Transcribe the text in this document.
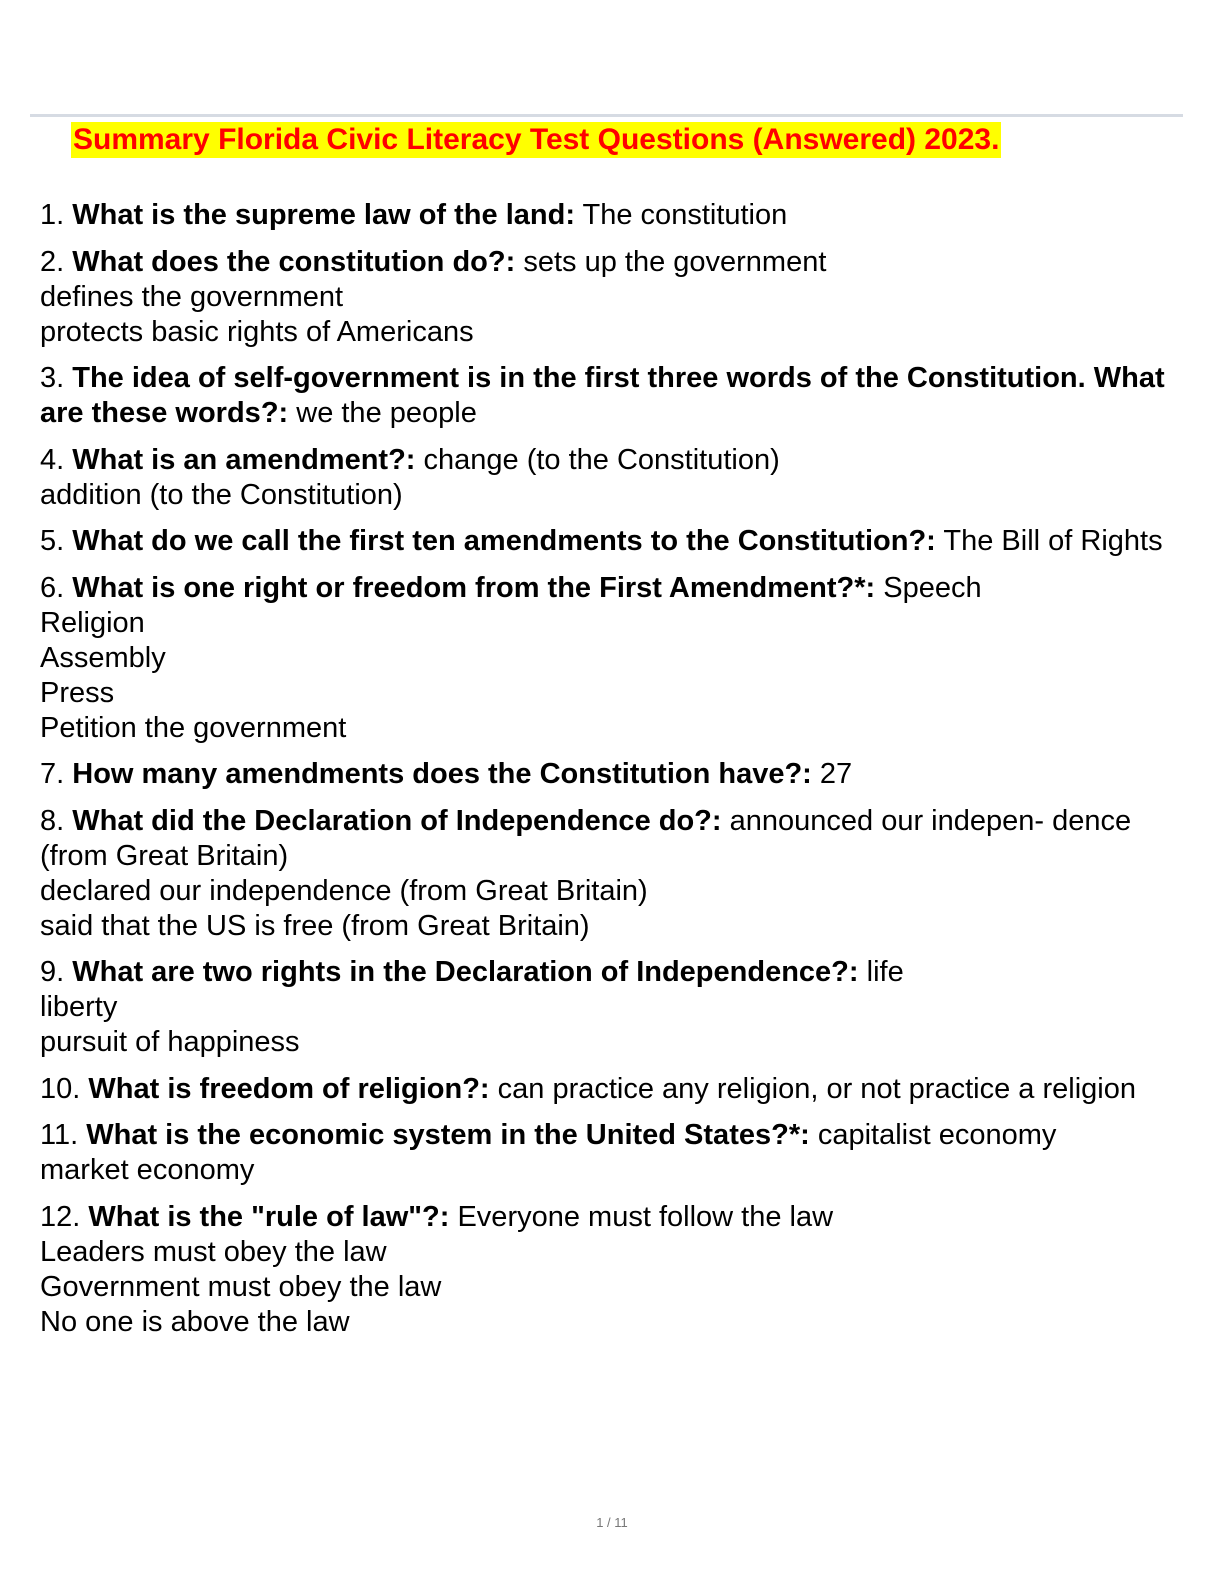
Summary Florida Civic Literacy Test Questions (Answered) 2023.

1. What is the supreme law of the land: The constitution

2. What does the constitution do?: sets up the government

defines the government

protects basic rights of Americans

3. The idea of self-government is in the first three words of the Constitution. What are these words?: we the people

4. What is an amendment?: change (to the Constitution)

addition (to the Constitution)

5. What do we call the first ten amendments to the Constitution?: The Bill of Rights

6. What is one right or freedom from the First Amendment?*: Speech

Religion

Assembly

Press

Petition the government

7. How many amendments does the Constitution have?: 27

8. What did the Declaration of Independence do?: announced our indepen- dence (from Great Britain)

declared our independence (from Great Britain)

said that the US is free (from Great Britain)

9. What are two rights in the Declaration of Independence?: life

liberty

pursuit of happiness

10. What is freedom of religion?: can practice any religion, or not practice a religion

11. What is the economic system in the United States?*: capitalist economy

market economy

12. What is the "rule of law"?: Everyone must follow the law

Leaders must obey the law

Government must obey the law

No one is above the law

1 / 11
